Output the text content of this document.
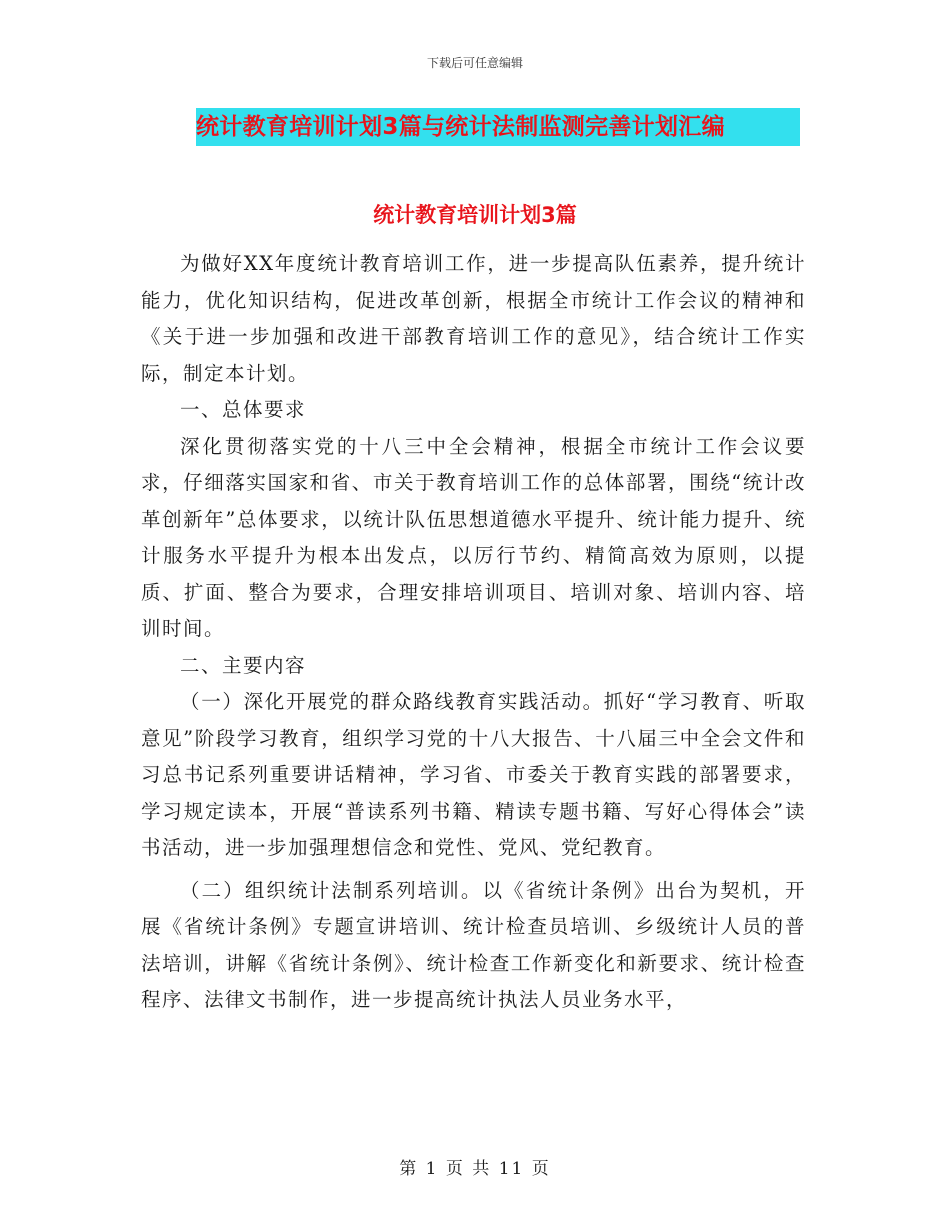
下载后可任意编辑
统计教育培训计划3篇与统计法制监测完善计划汇编
统计教育培训计划3篇

为做好XX年度统计教育培训工作，进一步提高队伍素养，提升统计能力，优化知识结构，促进改革创新，根据全市统计工作会议的精神和《关于进一步加强和改进干部教育培训工作的意见》，结合统计工作实际，制定本计划。

一、总体要求

深化贯彻落实党的十八三中全会精神，根据全市统计工作会议要求，仔细落实国家和省、市关于教育培训工作的总体部署，围绕“统计改革创新年”总体要求，以统计队伍思想道德水平提升、统计能力提升、统计服务水平提升为根本出发点，以厉行节约、精简高效为原则，以提质、扩面、整合为要求，合理安排培训项目、培训对象、培训内容、培训时间。

二、主要内容

（一）深化开展党的群众路线教育实践活动。抓好“学习教育、听取意见”阶段学习教育，组织学习党的十八大报告、十八届三中全会文件和习总书记系列重要讲话精神，学习省、市委关于教育实践的部署要求，学习规定读本，开展“普读系列书籍、精读专题书籍、写好心得体会”读书活动，进一步加强理想信念和党性、党风、党纪教育。

（二）组织统计法制系列培训。以《省统计条例》出台为契机，开展《省统计条例》专题宣讲培训、统计检查员培训、乡级统计人员的普法培训，讲解《省统计条例》、统计检查工作新变化和新要求、统计检查程序、法律文书制作，进一步提高统计执法人员业务水平，

第 1 页 共 11 页
